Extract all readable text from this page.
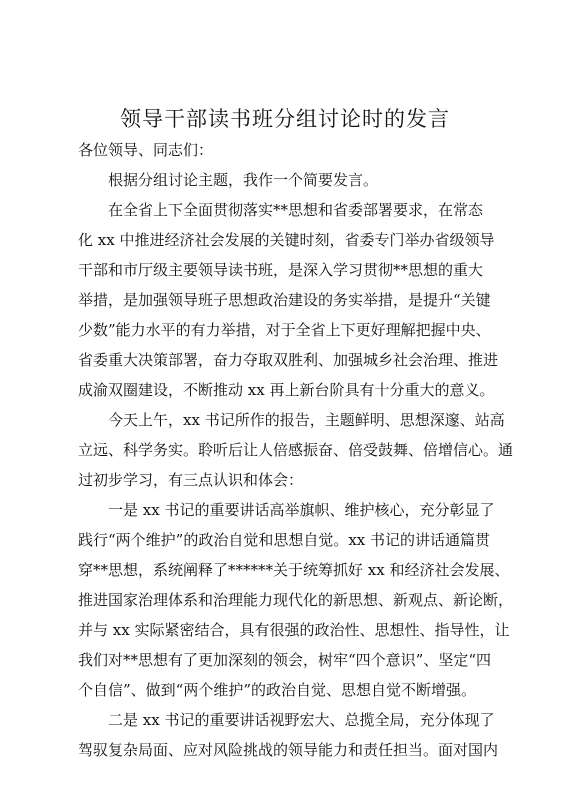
领导干部读书班分组讨论时的发言
各位领导、同志们：
根据分组讨论主题，我作一个简要发言。
在全省上下全面贯彻落实**思想和省委部署要求，在常态
化 xx 中推进经济社会发展的关键时刻，省委专门举办省级领导
干部和市厅级主要领导读书班，是深入学习贯彻**思想的重大
举措，是加强领导班子思想政治建设的务实举措，是提升“关键
少数”能力水平的有力举措，对于全省上下更好理解把握中央、
省委重大决策部署，奋力夺取双胜利、加强城乡社会治理、推进
成渝双圈建设，不断推动 xx 再上新台阶具有十分重大的意义。
今天上午，xx 书记所作的报告，主题鲜明、思想深邃、站高
立远、科学务实。聆听后让人倍感振奋、倍受鼓舞、倍增信心。通
过初步学习，有三点认识和体会：
一是 xx 书记的重要讲话高举旗帜、维护核心，充分彰显了
践行“两个维护”的政治自觉和思想自觉。xx 书记的讲话通篇贯
穿**思想，系统阐释了******关于统筹抓好 xx 和经济社会发展、
推进国家治理体系和治理能力现代化的新思想、新观点、新论断，
并与 xx 实际紧密结合，具有很强的政治性、思想性、指导性，让
我们对**思想有了更加深刻的领会，树牢“四个意识”、坚定“四
个自信”、做到“两个维护”的政治自觉、思想自觉不断增强。
二是 xx 书记的重要讲话视野宏大、总揽全局，充分体现了
驾驭复杂局面、应对风险挑战的领导能力和责任担当。面对国内
